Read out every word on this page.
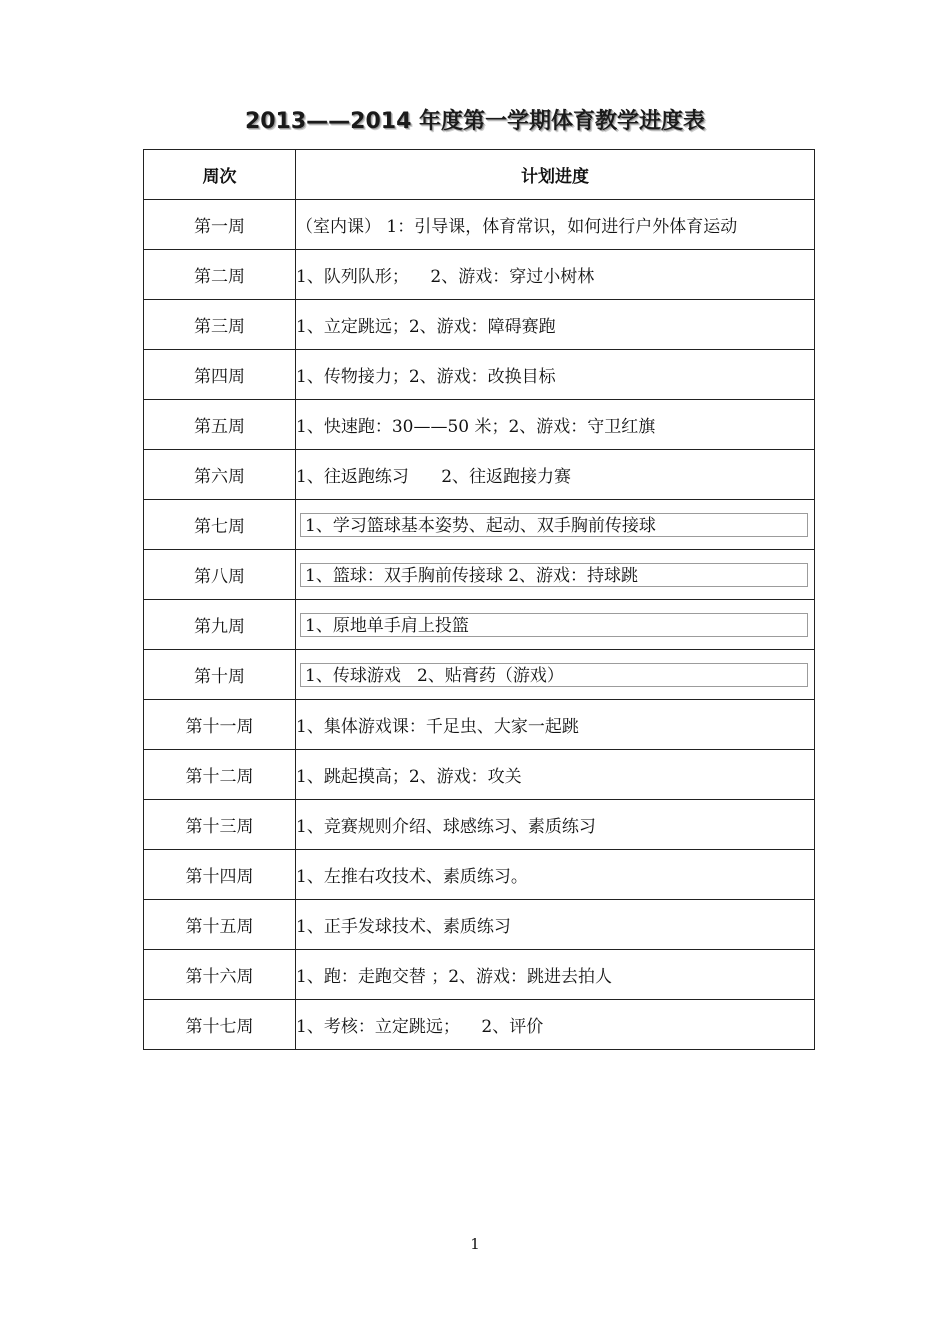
2013——2014 年度第一学期体育教学进度表
周次	计划进度
第一周	（室内课） 1：引导课，体育常识，如何进行户外体育运动
第二周	1、队列队形；    2、游戏：穿过小树林
第三周	1、立定跳远；2、游戏：障碍赛跑
第四周	1、传物接力；2、游戏：改换目标
第五周	1、快速跑：30——50 米；2、游戏：守卫红旗
第六周	1、往返跑练习      2、往返跑接力赛
第七周	1、学习篮球基本姿势、起动、双手胸前传接球

第八周	1、篮球：双手胸前传接球 2、游戏：持球跳

第九周	1、原地单手肩上投篮

第十周	1、传球游戏   2、贴膏药（游戏）

第十一周	1、集体游戏课：千足虫、大家一起跳
第十二周	1、跳起摸高；2、游戏：攻关
第十三周	1、竞赛规则介绍、球感练习、素质练习
第十四周	1、左推右攻技术、素质练习。
第十五周	1、正手发球技术、素质练习
第十六周	1、跑：走跑交替 ；2、游戏：跳进去拍人
第十七周	1、考核：立定跳远；    2、评价
1
